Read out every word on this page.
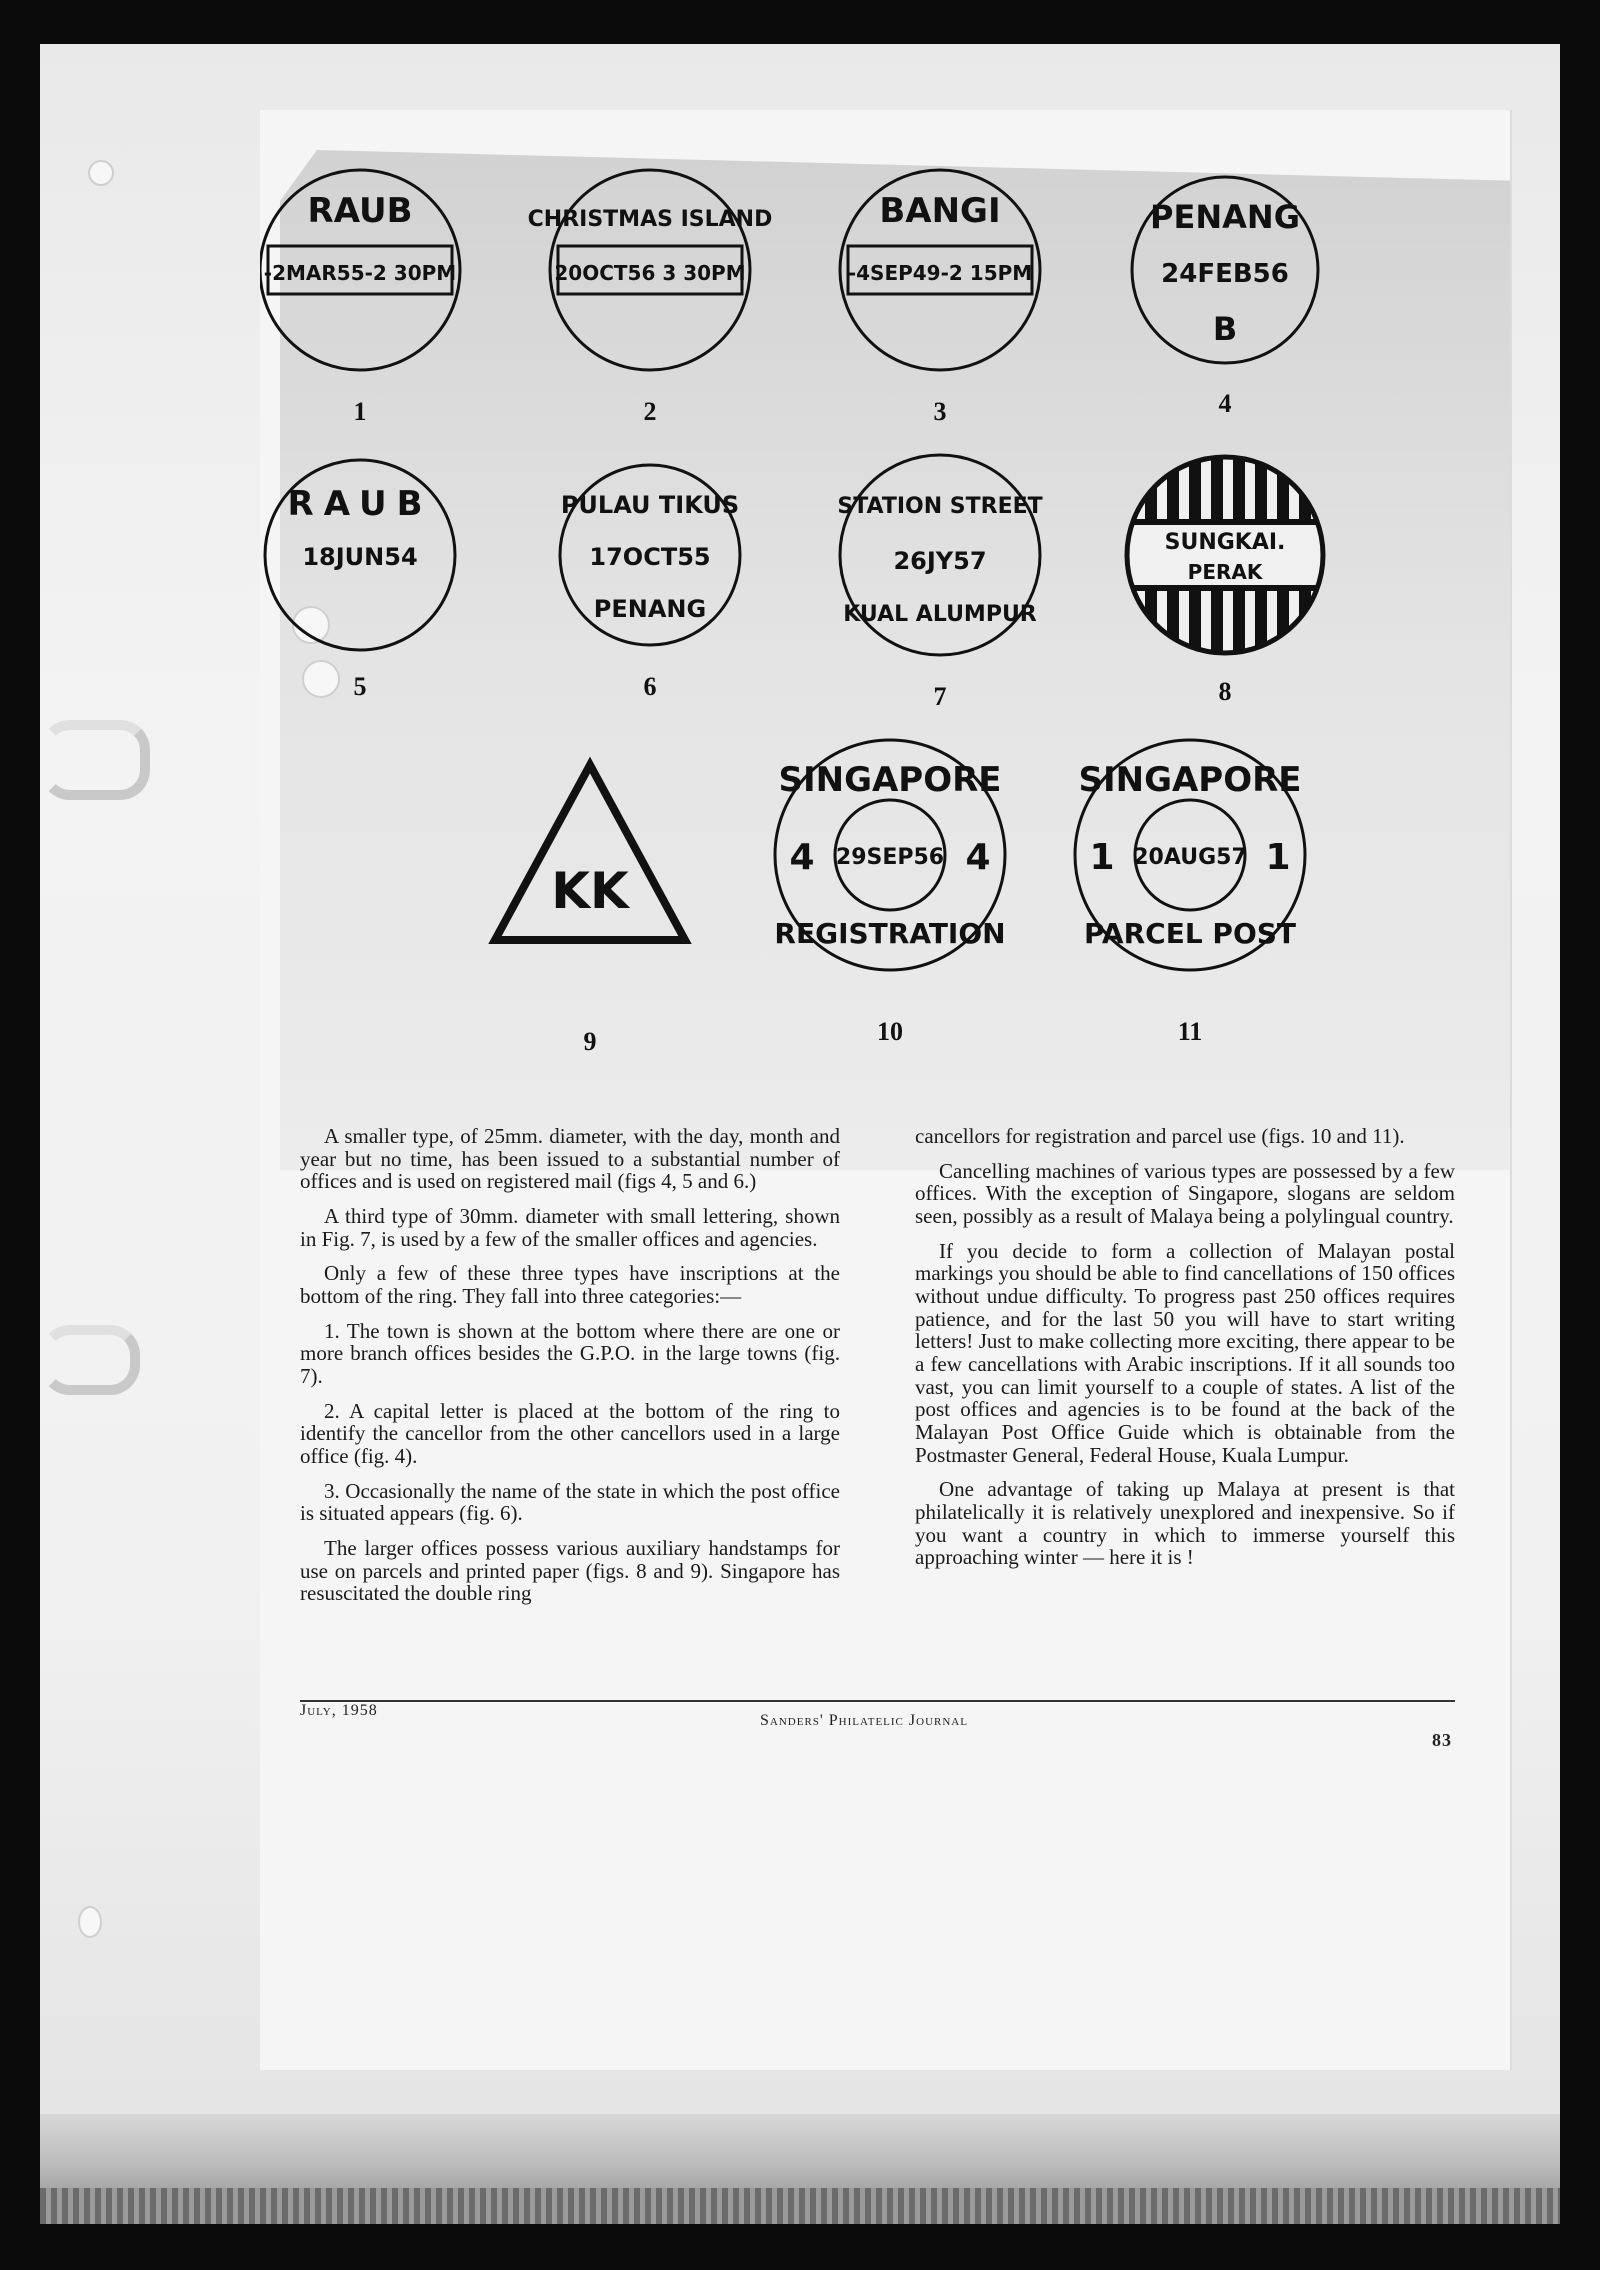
RAUB
-2MAR55-2 30PM
1
CHRISTMAS ISLAND
20OCT56 3 30PM
2
BANGI
-4SEP49-2 15PM
3
PENANG
24FEB56
B
4
RAUB
18JUN54
5
PULAU TIKUS
17OCT55
PENANG
6
STATION STREET
26JY57
KUAL ALUMPUR
7
SUNGKAI.
PERAK
8
KK
9
SINGAPORE
29SEP56
4	4
REGISTRATION
10
SINGAPORE
20AUG57
1	1
PARCEL POST
11

A smaller type, of 25mm. diameter, with the day, month and year but no time, has been issued to a substantial number of offices and is used on registered mail (figs 4, 5 and 6.)

A third type of 30mm. diameter with small lettering, shown in Fig. 7, is used by a few of the smaller offices and agencies.

Only a few of these three types have inscriptions at the bottom of the ring. They fall into three categories:—

1. The town is shown at the bottom where there are one or more branch offices besides the G.P.O. in the large towns (fig. 7).

2. A capital letter is placed at the bottom of the ring to identify the cancellor from the other cancellors used in a large office (fig. 4).

3. Occasionally the name of the state in which the post office is situated appears (fig. 6).

The larger offices possess various auxiliary handstamps for use on parcels and printed paper (figs. 8 and 9). Singapore has resuscitated the double ring

cancellors for registration and parcel use (figs. 10 and 11).

Cancelling machines of various types are possessed by a few offices. With the exception of Singapore, slogans are seldom seen, possibly as a result of Malaya being a polylingual country.

If you decide to form a collection of Malayan postal markings you should be able to find cancellations of 150 offices without undue difficulty. To progress past 250 offices requires patience, and for the last 50 you will have to start writing letters! Just to make collecting more exciting, there appear to be a few cancellations with Arabic inscriptions. If it all sounds too vast, you can limit yourself to a couple of states. A list of the post offices and agencies is to be found at the back of the Malayan Post Office Guide which is obtainable from the Postmaster General, Federal House, Kuala Lumpur.

One advantage of taking up Malaya at present is that philatelically it is relatively unexplored and inexpensive. So if you want a country in which to immerse yourself this approaching winter — here it is !

July, 1958
Sanders' Philatelic Journal
83
